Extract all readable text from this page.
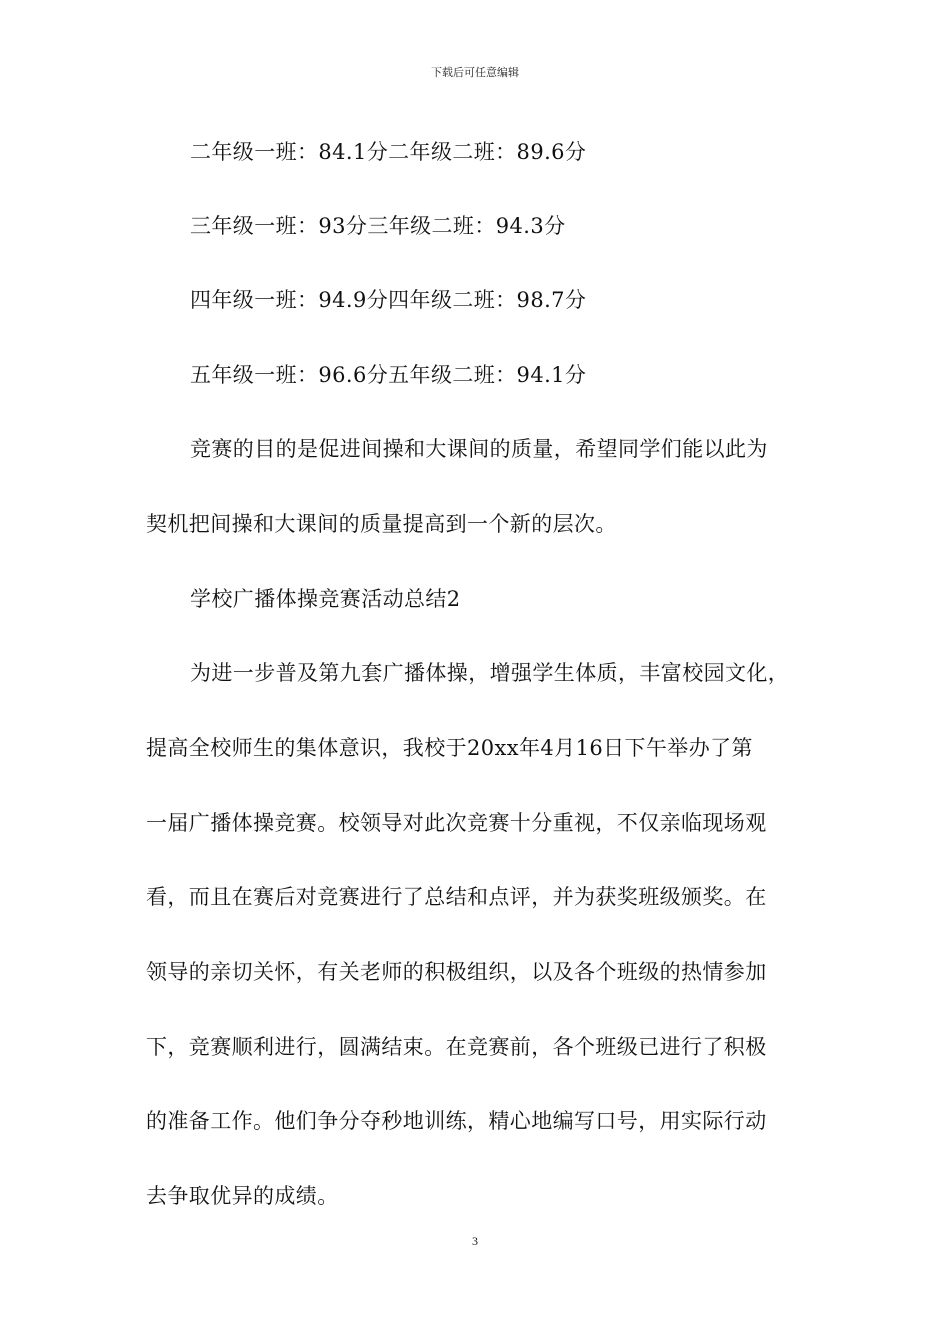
下载后可任意编辑
二年级一班：84.1分二年级二班：89.6分
三年级一班：93分三年级二班：94.3分
四年级一班：94.9分四年级二班：98.7分
五年级一班：96.6分五年级二班：94.1分
竞赛的目的是促进间操和大课间的质量，希望同学们能以此为
契机把间操和大课间的质量提高到一个新的层次。
学校广播体操竞赛活动总结2
为进一步普及第九套广播体操，增强学生体质，丰富校园文化，
提高全校师生的集体意识，我校于20xx年4月16日下午举办了第
一届广播体操竞赛。校领导对此次竞赛十分重视，不仅亲临现场观
看，而且在赛后对竞赛进行了总结和点评，并为获奖班级颁奖。在
领导的亲切关怀，有关老师的积极组织，以及各个班级的热情参加
下，竞赛顺利进行，圆满结束。在竞赛前，各个班级已进行了积极
的准备工作。他们争分夺秒地训练，精心地编写口号，用实际行动
去争取优异的成绩。
3
